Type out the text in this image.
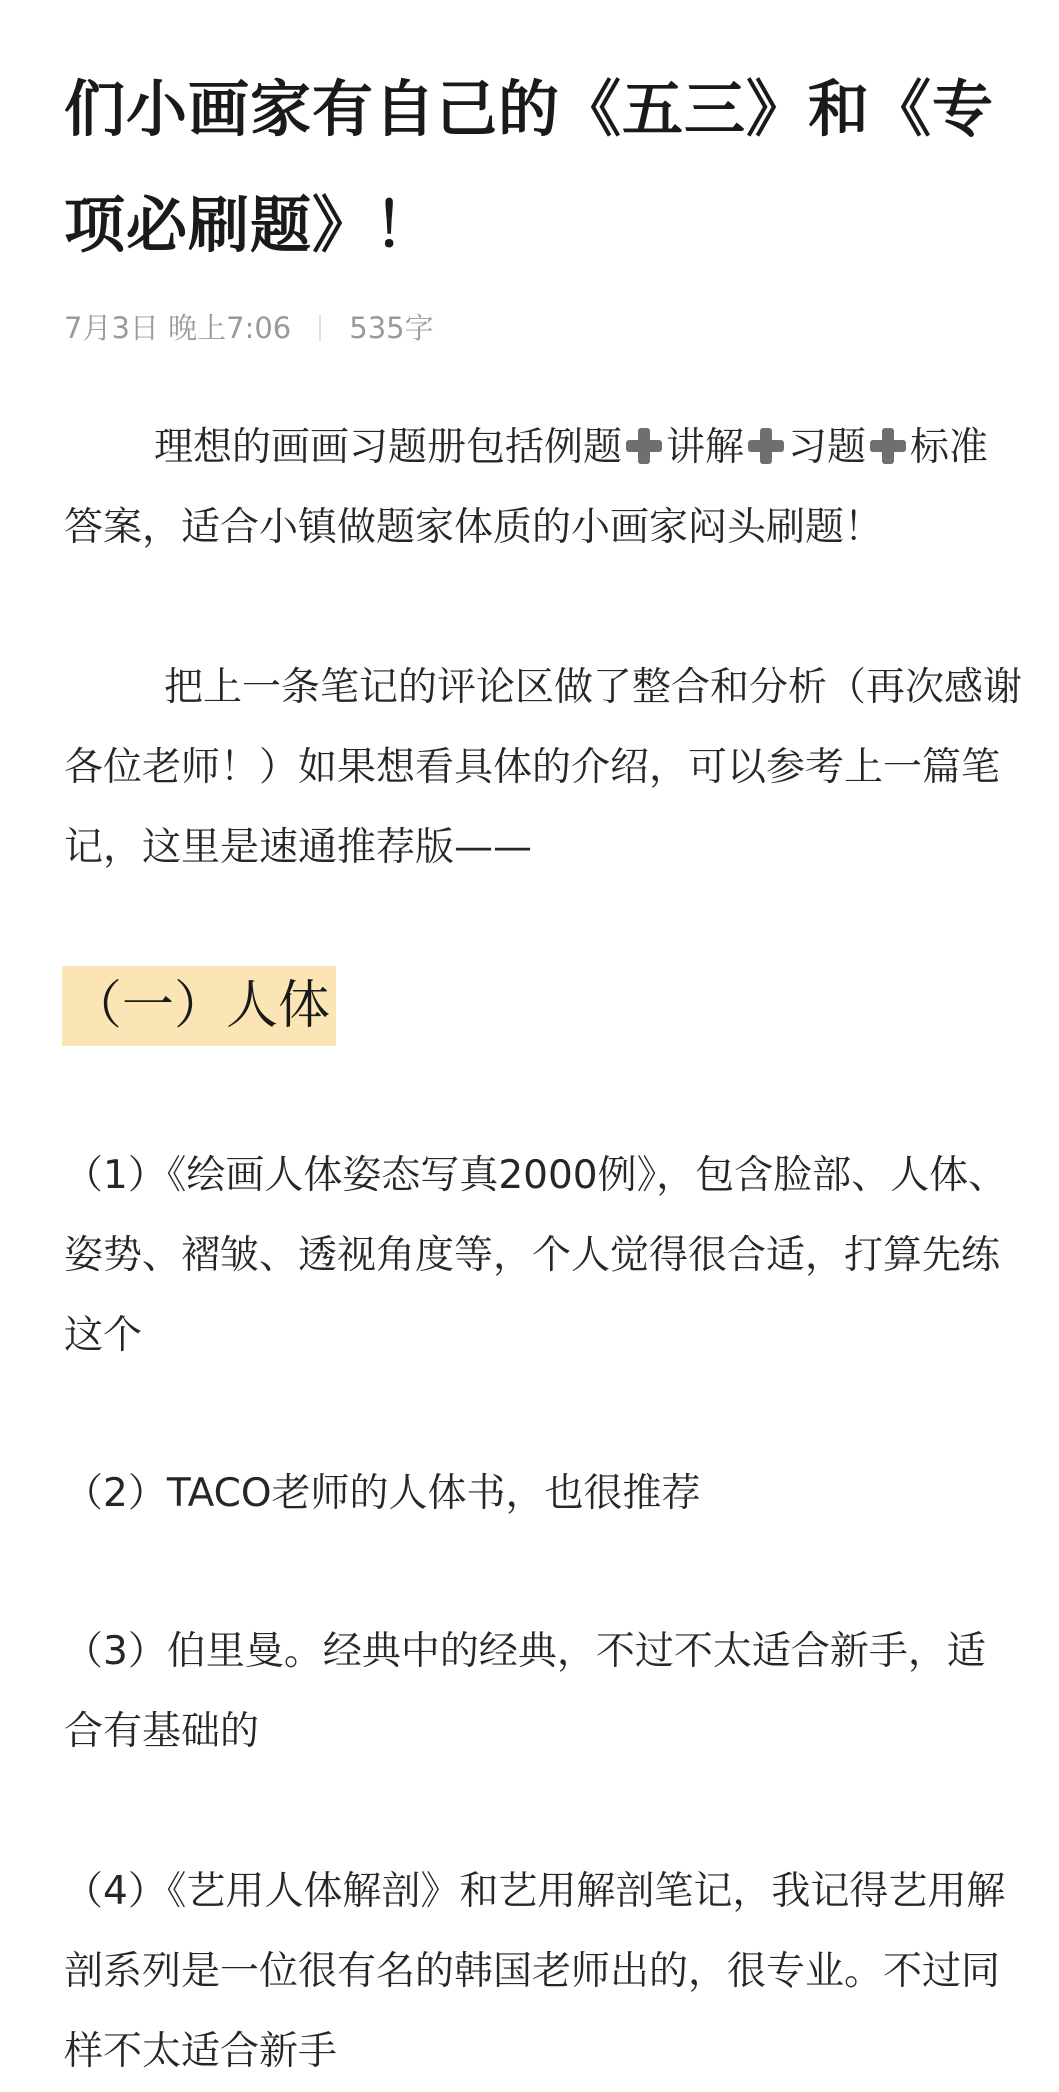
们小画家有自己的《五三》和《专项必刷题》！
7月3日 晚上7:06 535字

理想的画画习题册包括例题 讲解 习题 标准答案，适合小镇做题家体质的小画家闷头刷题！

把上一条笔记的评论区做了整合和分析（再次感谢各位老师！）如果想看具体的介绍，可以参考上一篇笔记，这里是速通推荐版——

（一）人体

（1）《绘画人体姿态写真2000例》，包含脸部、人体、姿势、褶皱、透视角度等，个人觉得很合适，打算先练这个

（2）TACO老师的人体书，也很推荐

（3）伯里曼。经典中的经典，不过不太适合新手，适合有基础的

（4）《艺用人体解剖》和艺用解剖笔记，我记得艺用解剖系列是一位很有名的韩国老师出的，很专业。不过同样不太适合新手
